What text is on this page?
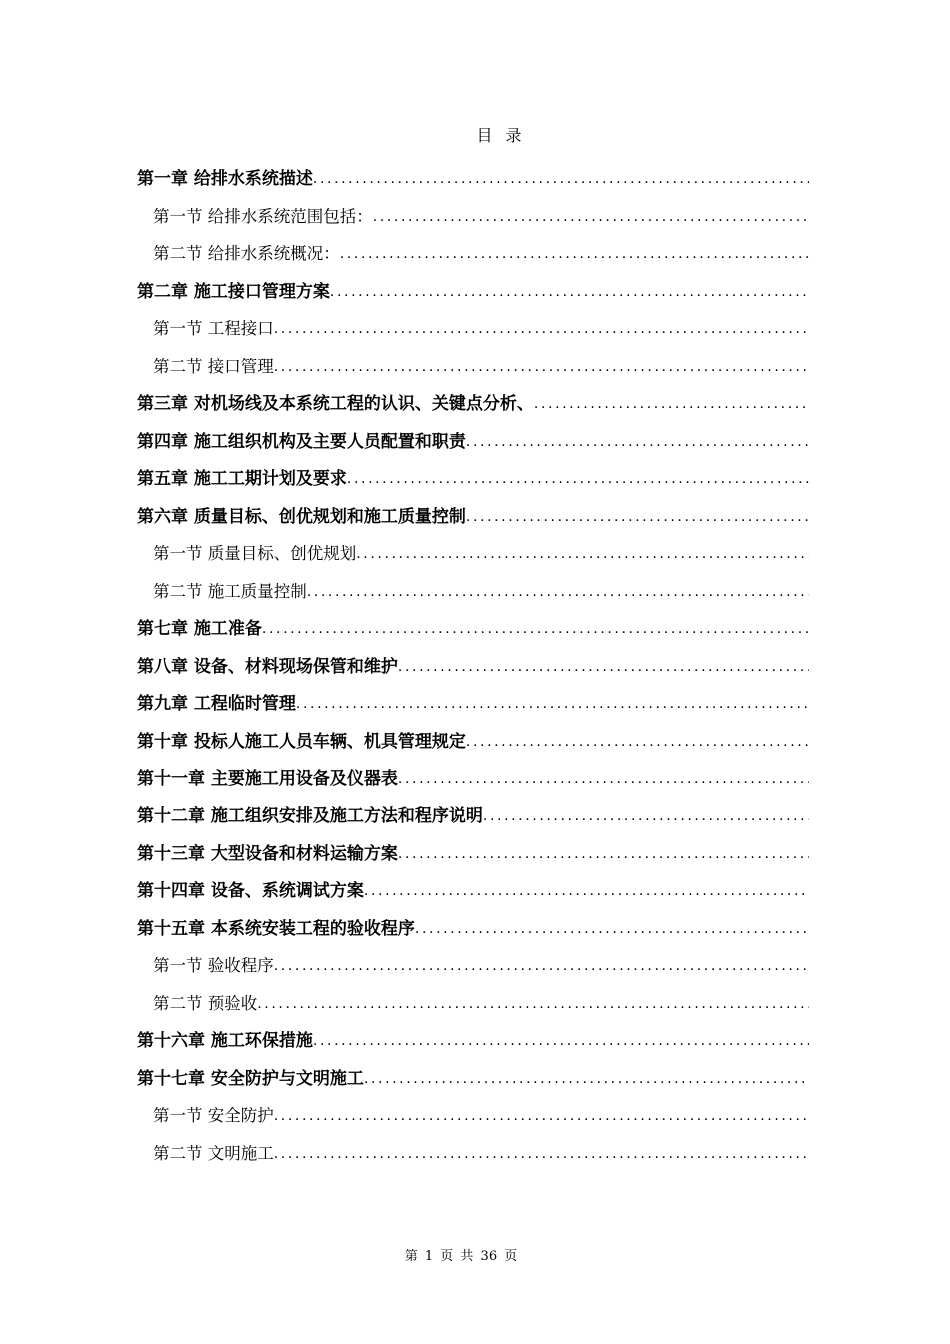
目 录
第一章 给排水系统描述
.....
第一节 给排水系统范围包括：
.....
第二节 给排水系统概况：
.....
第二章 施工接口管理方案
.....
第一节 工程接口
.....
第二节 接口管理
.....
第三章 对机场线及本系统工程的认识、关键点分析、
.....
第四章 施工组织机构及主要人员配置和职责
.....
第五章 施工工期计划及要求
.....
第六章 质量目标、创优规划和施工质量控制
.....
第一节 质量目标、创优规划
.....
第二节 施工质量控制
.....
第七章 施工准备
.....
第八章 设备、材料现场保管和维护
.....
第九章 工程临时管理
.....
第十章 投标人施工人员车辆、机具管理规定
.....
第十一章 主要施工用设备及仪器表
.....
第十二章 施工组织安排及施工方法和程序说明
.....
第十三章 大型设备和材料运输方案
.....
第十四章 设备、系统调试方案
.....
第十五章 本系统安装工程的验收程序
.....
第一节 验收程序
.....
第二节 预验收
.....
第十六章 施工环保措施
.....
第十七章 安全防护与文明施工
.....
第一节 安全防护
.....
第二节 文明施工
.....
第 1 页 共 36 页
